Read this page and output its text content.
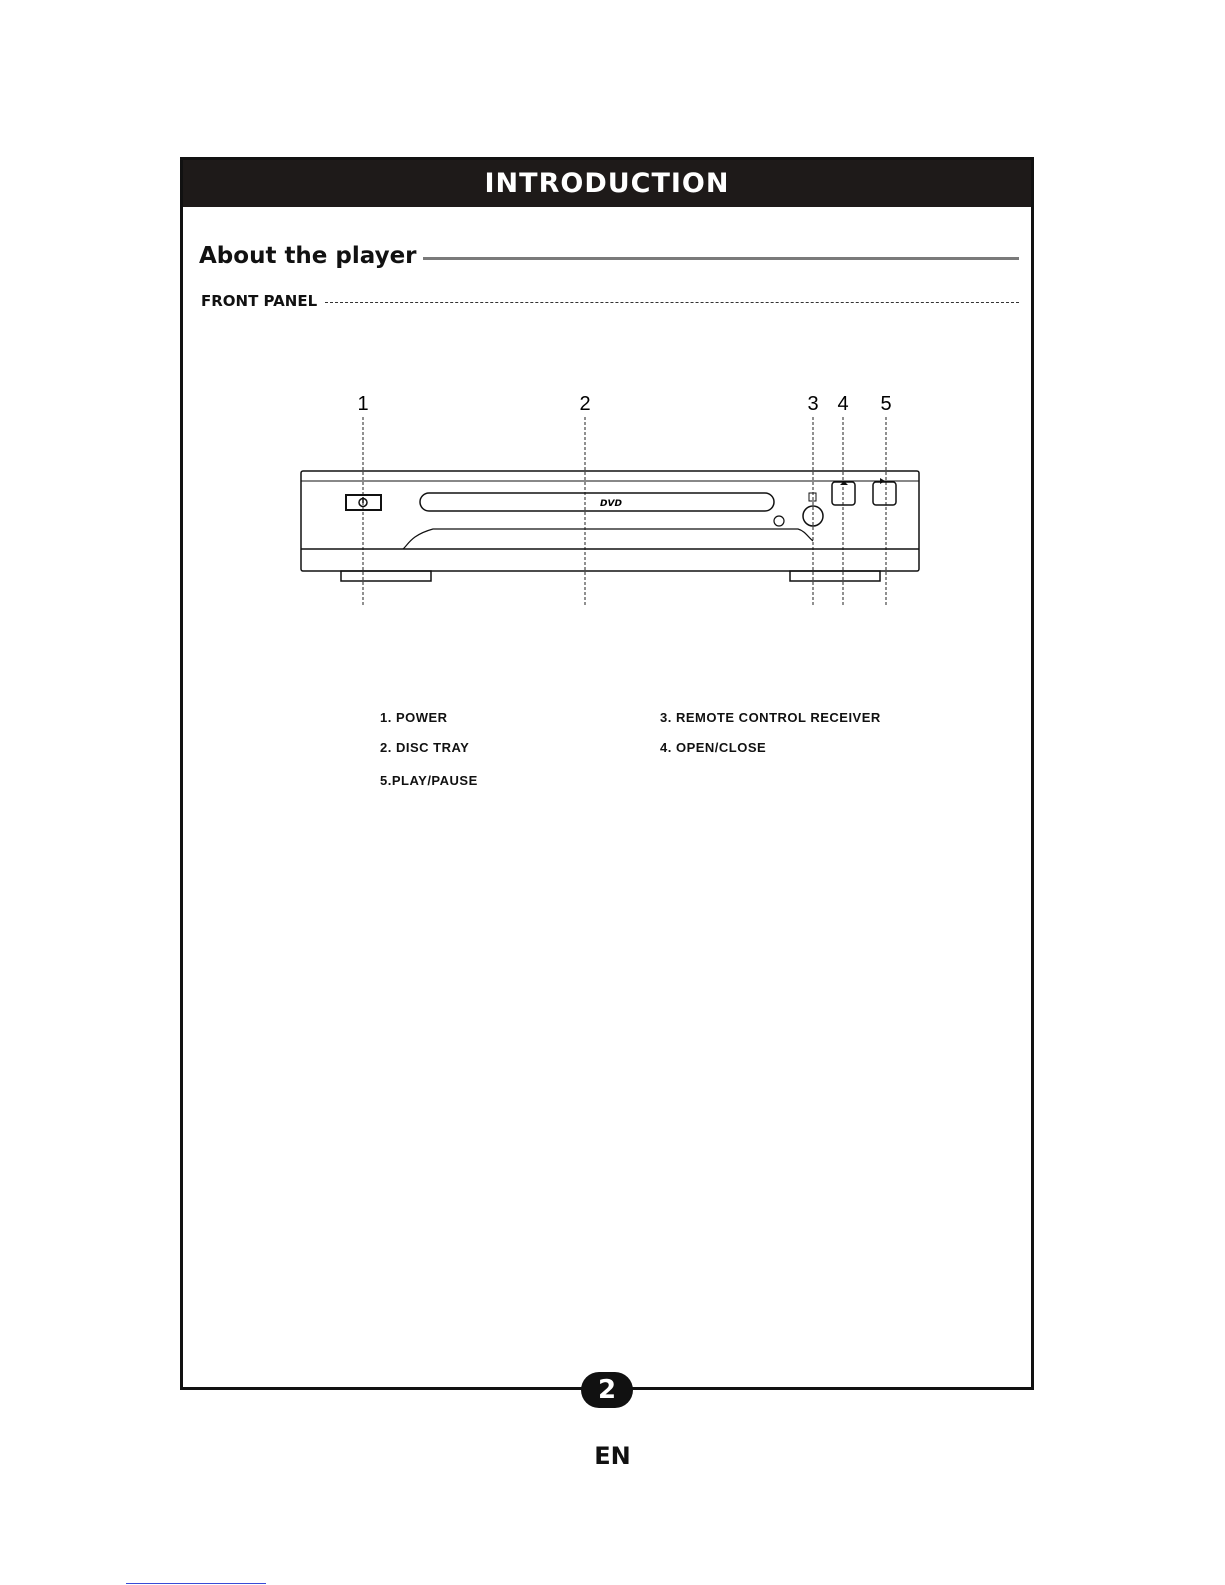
INTRODUCTION
About the player
FRONT PANEL
1	2	3 4 5
DVD
1. POWER
2. DISC TRAY
5.PLAY/PAUSE
3. REMOTE CONTROL RECEIVER
4. OPEN/CLOSE
2
EN
